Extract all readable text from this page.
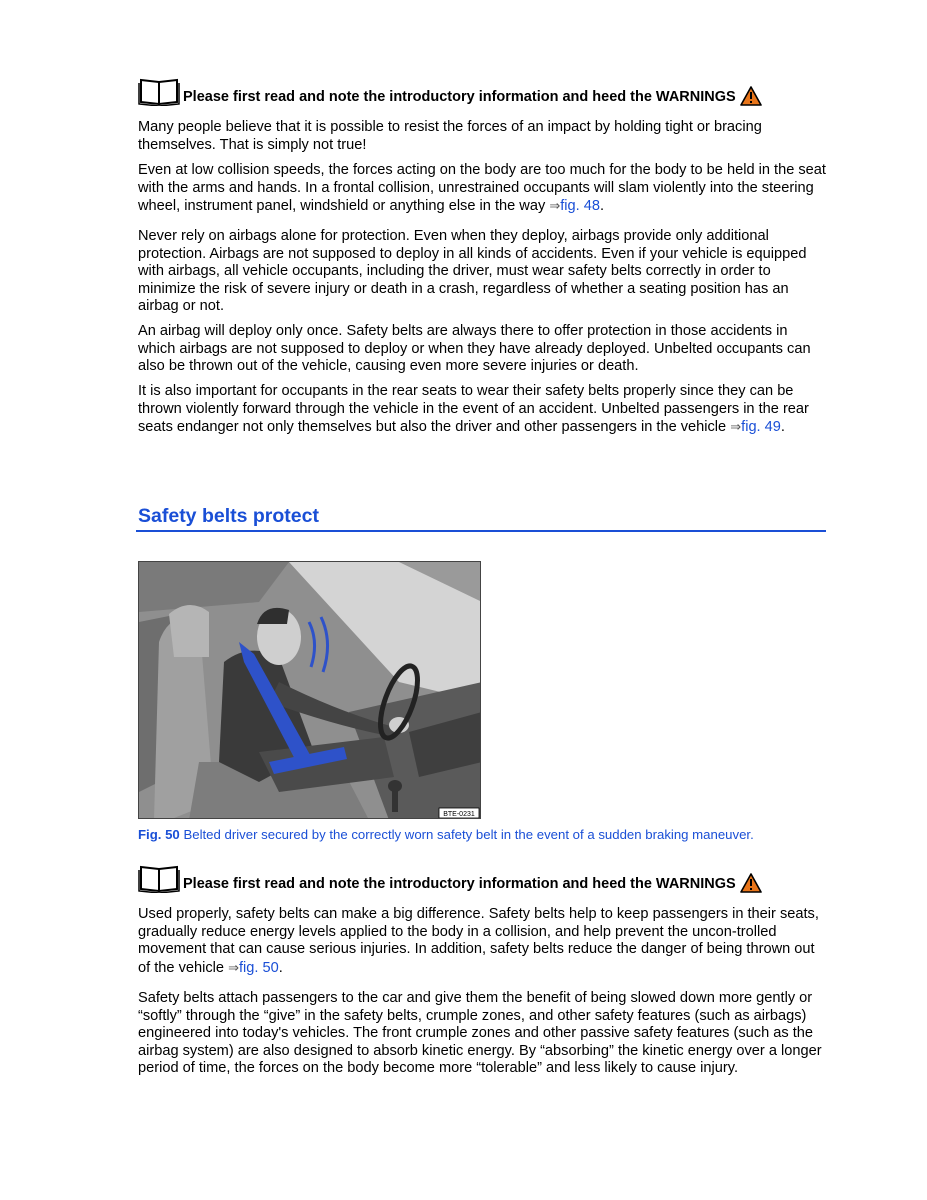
Please first read and note the introductory information and heed the WARNINGS

Many people believe that it is possible to resist the forces of an impact by holding tight or bracing themselves. That is simply not true!

Even at low collision speeds, the forces acting on the body are too much for the body to be held in the seat with the arms and hands. In a frontal collision, unrestrained occupants will slam violently into the steering wheel, instrument panel, windshield or anything else in the way ⇒fig. 48.

Never rely on airbags alone for protection. Even when they deploy, airbags provide only additional protection. Airbags are not supposed to deploy in all kinds of accidents. Even if your vehicle is equipped with airbags, all vehicle occupants, including the driver, must wear safety belts correctly in order to minimize the risk of severe injury or death in a crash, regardless of whether a seating position has an airbag or not.

An airbag will deploy only once. Safety belts are always there to offer protection in those accidents in which airbags are not supposed to deploy or when they have already deployed. Unbelted occupants can also be thrown out of the vehicle, causing even more severe injuries or death.

It is also important for occupants in the rear seats to wear their safety belts properly since they can be thrown violently forward through the vehicle in the event of an accident. Unbelted passengers in the rear seats endanger not only themselves but also the driver and other passengers in the vehicle ⇒fig. 49.

Safety belts protect
BTE-0231
Fig. 50 Belted driver secured by the correctly worn safety belt in the event of a sudden braking maneuver.
Please first read and note the introductory information and heed the WARNINGS

Used properly, safety belts can make a big difference. Safety belts help to keep passengers in their seats, gradually reduce energy levels applied to the body in a collision, and help prevent the uncon-trolled movement that can cause serious injuries. In addition, safety belts reduce the danger of being thrown out of the vehicle ⇒fig. 50.

Safety belts attach passengers to the car and give them the benefit of being slowed down more gently or “softly” through the “give” in the safety belts, crumple zones, and other safety features (such as airbags) engineered into today's vehicles. The front crumple zones and other passive safety features (such as the airbag system) are also designed to absorb kinetic energy. By “absorbing” the kinetic energy over a longer period of time, the forces on the body become more “tolerable” and less likely to cause injury.
